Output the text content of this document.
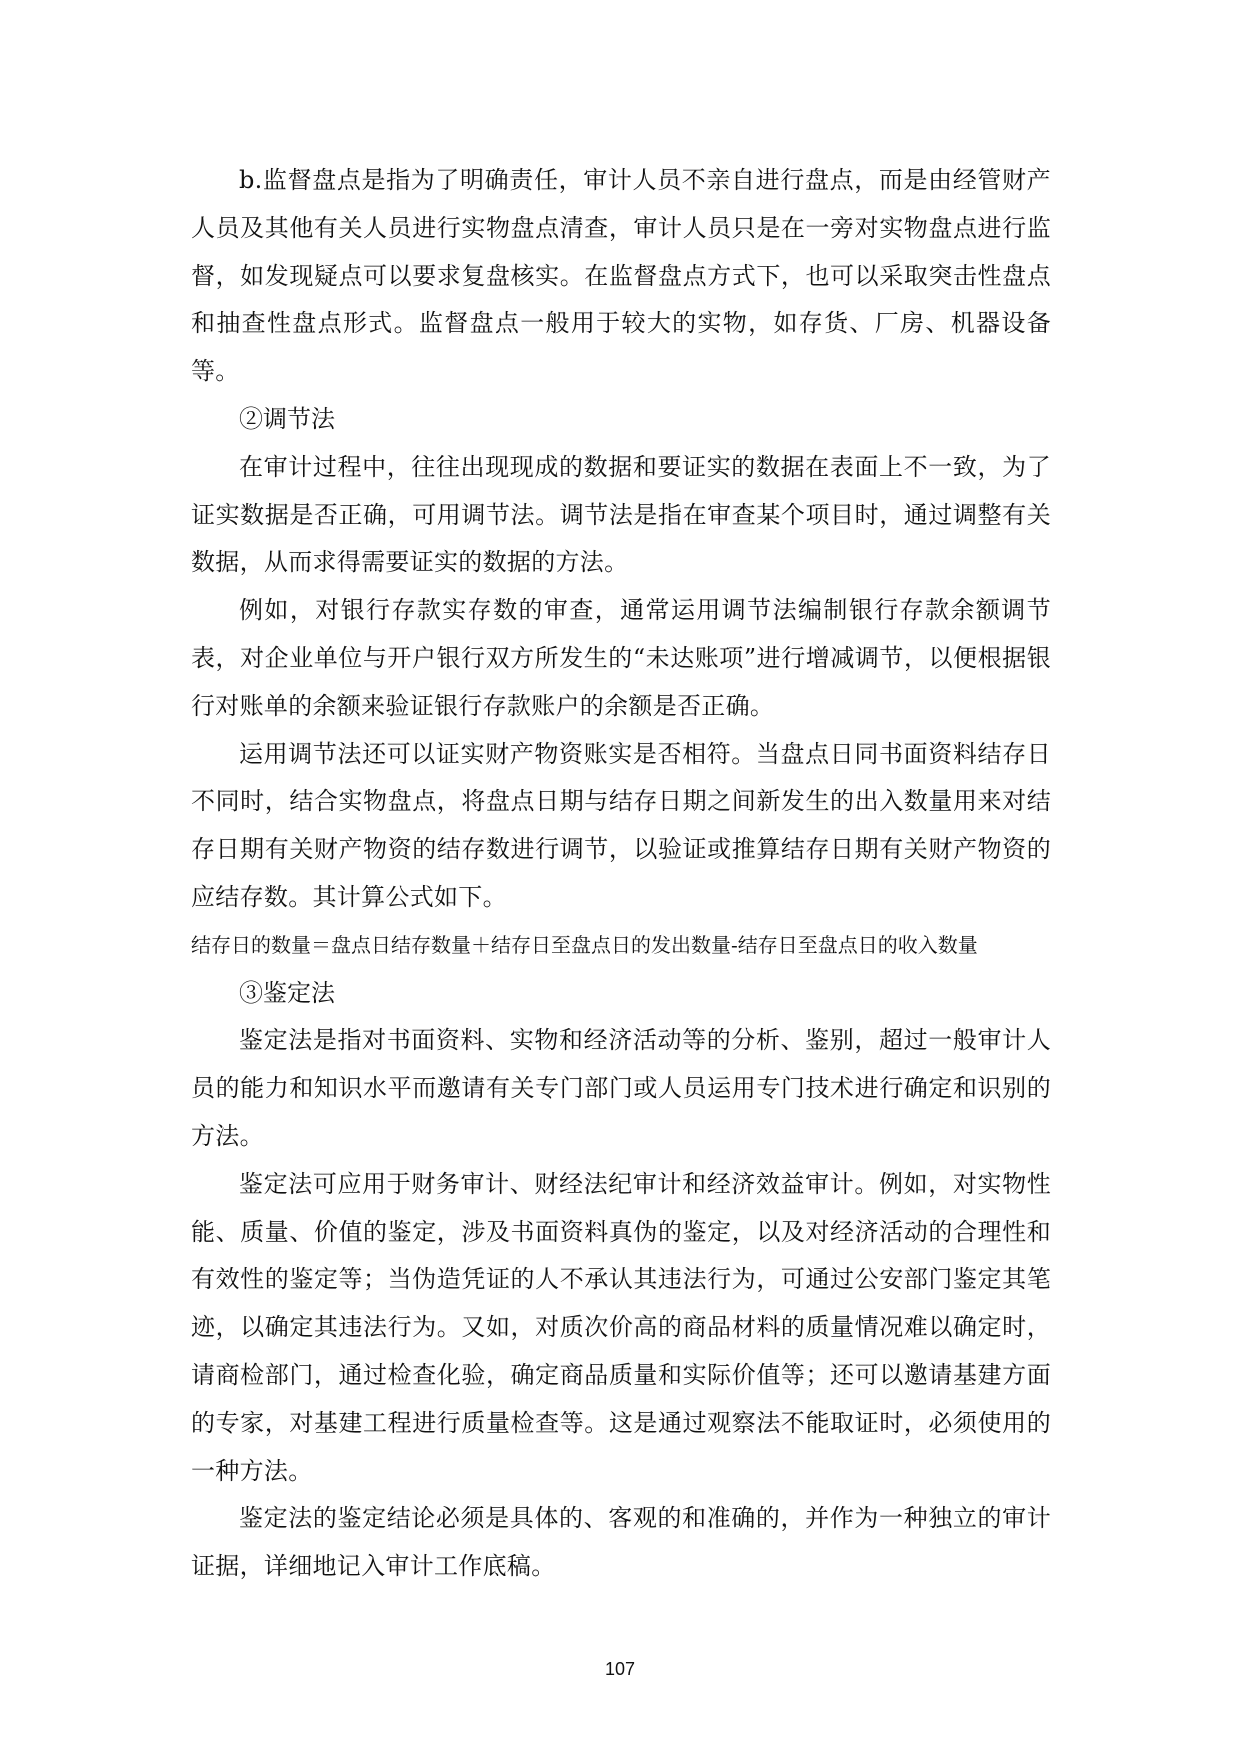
b.监督盘点是指为了明确责任，审计人员不亲自进行盘点，而是由经管财产人员及其他有关人员进行实物盘点清查，审计人员只是在一旁对实物盘点进行监督，如发现疑点可以要求复盘核实。在监督盘点方式下，也可以采取突击性盘点和抽查性盘点形式。监督盘点一般用于较大的实物，如存货、厂房、机器设备等。

②调节法

在审计过程中，往往出现现成的数据和要证实的数据在表面上不一致，为了证实数据是否正确，可用调节法。调节法是指在审查某个项目时，通过调整有关数据，从而求得需要证实的数据的方法。

例如，对银行存款实存数的审查，通常运用调节法编制银行存款余额调节表，对企业单位与开户银行双方所发生的“未达账项”进行增减调节，以便根据银行对账单的余额来验证银行存款账户的余额是否正确。

运用调节法还可以证实财产物资账实是否相符。当盘点日同书面资料结存日不同时，结合实物盘点，将盘点日期与结存日期之间新发生的出入数量用来对结存日期有关财产物资的结存数进行调节，以验证或推算结存日期有关财产物资的应结存数。其计算公式如下。

结存日的数量＝盘点日结存数量＋结存日至盘点日的发出数量-结存日至盘点日的收入数量

③鉴定法

鉴定法是指对书面资料、实物和经济活动等的分析、鉴别，超过一般审计人员的能力和知识水平而邀请有关专门部门或人员运用专门技术进行确定和识别的方法。

鉴定法可应用于财务审计、财经法纪审计和经济效益审计。例如，对实物性能、质量、价值的鉴定，涉及书面资料真伪的鉴定，以及对经济活动的合理性和有效性的鉴定等；当伪造凭证的人不承认其违法行为，可通过公安部门鉴定其笔迹，以确定其违法行为。又如，对质次价高的商品材料的质量情况难以确定时，请商检部门，通过检查化验，确定商品质量和实际价值等；还可以邀请基建方面的专家，对基建工程进行质量检查等。这是通过观察法不能取证时，必须使用的一种方法。

鉴定法的鉴定结论必须是具体的、客观的和准确的，并作为一种独立的审计证据，详细地记入审计工作底稿。

107
